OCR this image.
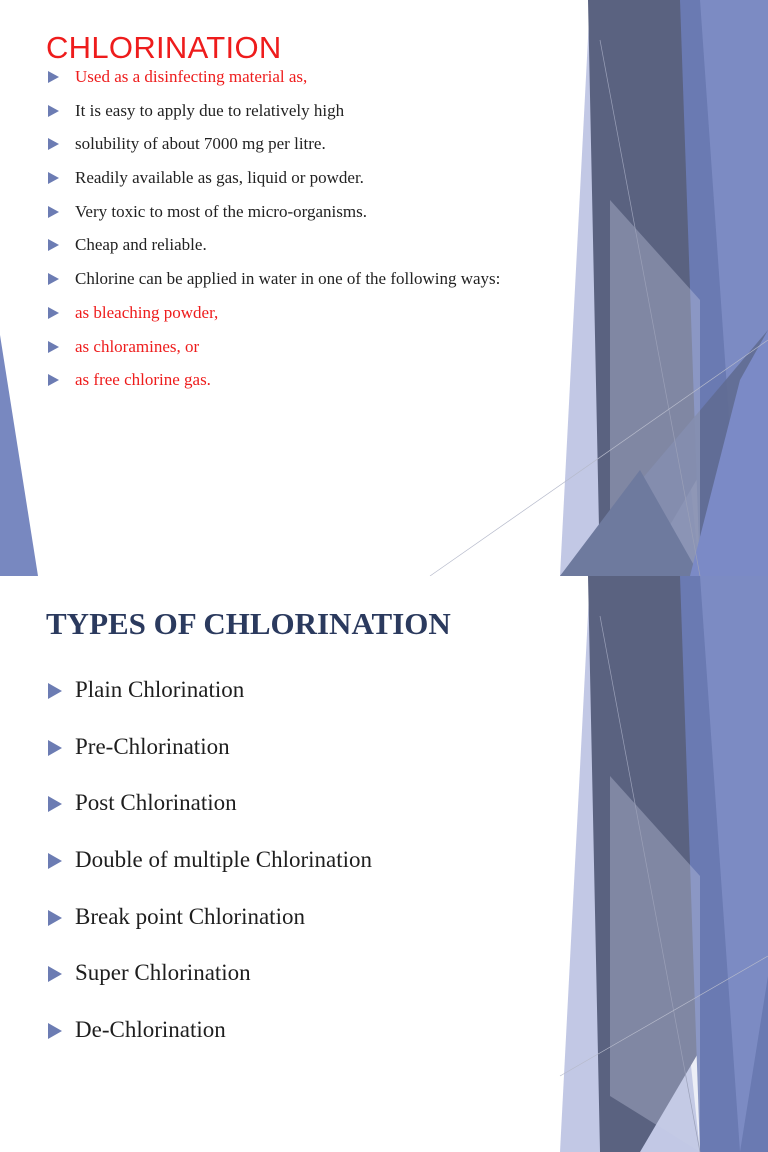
CHLORINATION
Used as a disinfecting material as,
It is easy to apply due to relatively high
solubility of about 7000 mg per litre.
Readily available as gas, liquid or powder.
Very toxic to most of the micro-organisms.
Cheap and reliable.
Chlorine can be applied in water in one of the following ways:
as bleaching powder,
as chloramines, or
as free chlorine gas.
TYPES OF CHLORINATION
Plain Chlorination
Pre-Chlorination
Post Chlorination
Double of multiple Chlorination
Break point Chlorination
Super Chlorination
De-Chlorination
